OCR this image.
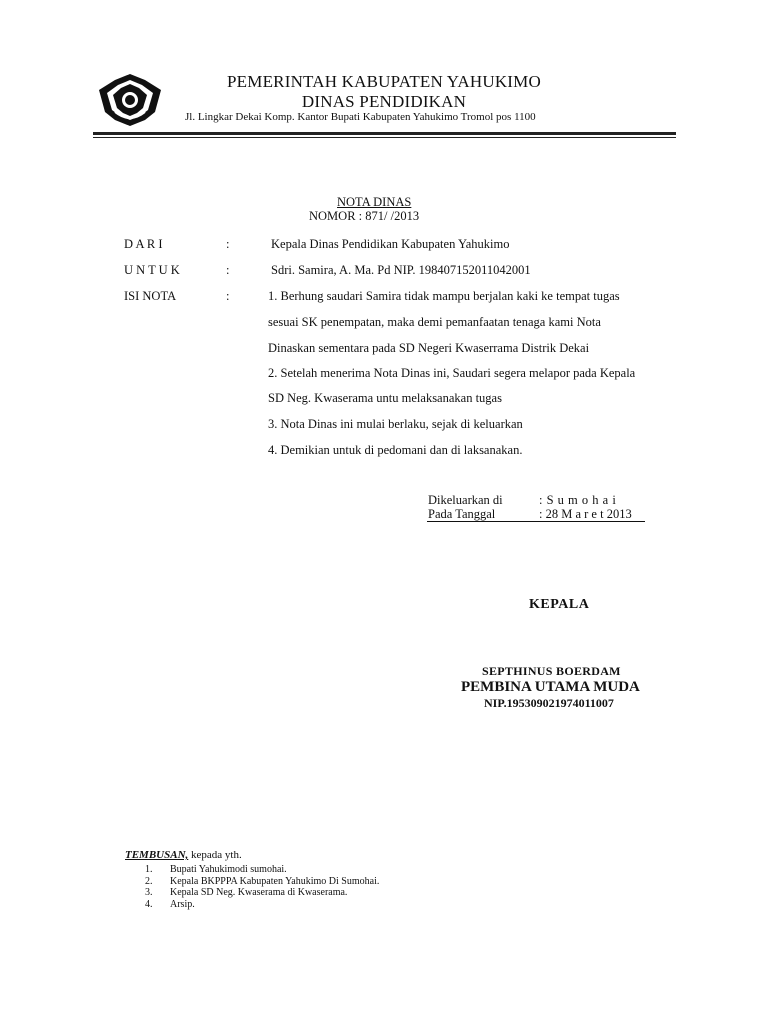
PEMERINTAH KABUPATEN YAHUKIMO
DINAS PENDIDIKAN
Jl. Lingkar Dekai Komp. Kantor Bupati Kabupaten Yahukimo Tromol pos 1100
NOTA DINAS
NOMOR : 871/ /2013
D A R I	:	Kepala Dinas Pendidikan Kabupaten Yahukimo
U N T U K	:	Sdri. Samira, A. Ma. Pd NIP. 198407152011042001
ISI NOTA	:	1. Berhung saudari Samira tidak mampu berjalan kaki ke tempat tugas
sesuai SK penempatan, maka demi pemanfaatan tenaga kami Nota
Dinaskan sementara pada SD Negeri Kwaserrama Distrik Dekai
2. Setelah menerima Nota Dinas ini, Saudari segera melapor pada Kepala
SD Neg. Kwaserama untu melaksanakan tugas
3. Nota Dinas ini mulai berlaku, sejak di keluarkan
4. Demikian untuk di pedomani dan di laksanakan.
Dikeluarkan di	: S u m o h a i
Pada Tanggal	: 28 M a r e t 2013
KEPALA
SEPTHINUS BOERDAM
PEMBINA UTAMA MUDA
NIP.195309021974011007
TEMBUSAN, kepada yth.
1.	Bupati Yahukimodi sumohai.
2.	Kepala BKPPPA Kabupaten Yahukimo Di Sumohai.
3.	Kepala SD Neg. Kwaserama di Kwaserama.
4.	Arsip.
